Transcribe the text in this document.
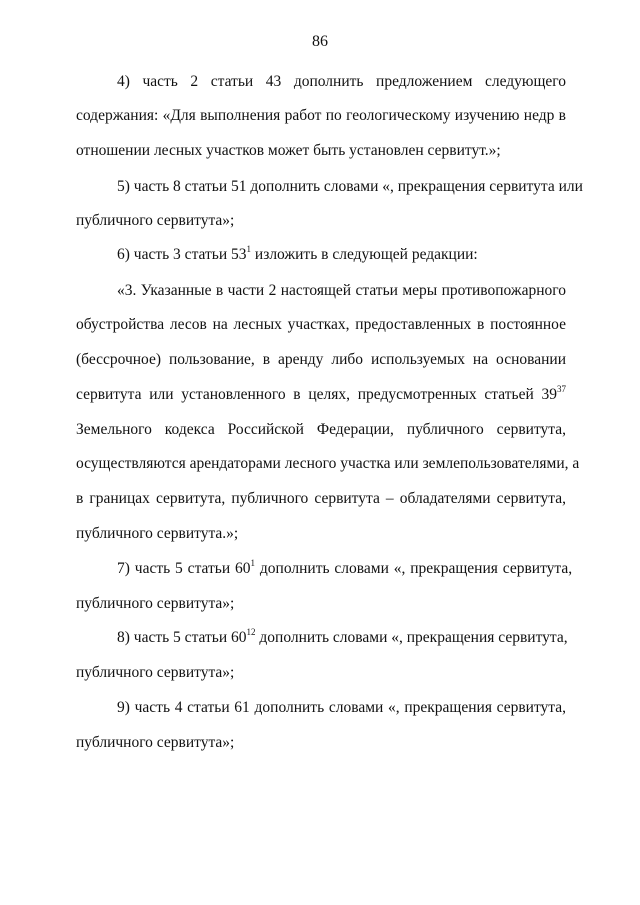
86
4) часть 2 статьи 43 дополнить предложением следующего
содержания: «Для выполнения работ по геологическому изучению недр в
отношении лесных участков может быть установлен сервитут.»;
5) часть 8 статьи 51 дополнить словами «, прекращения сервитута или
публичного сервитута»;
6) часть 3 статьи $53^1$ изложить в следующей редакции:
«3. Указанные в части 2 настоящей статьи меры противопожарного
обустройства лесов на лесных участках, предоставленных в постоянное
(бессрочное) пользование, в аренду либо используемых на основании
сервитута или установленного в целях, предусмотренных статьей $39^{37}$
Земельного кодекса Российской Федерации, публичного сервитута,
осуществляются арендаторами лесного участка или землепользователями, а
в границах сервитута, публичного сервитута – обладателями сервитута,
публичного сервитута.»;
7) часть 5 статьи $60^1$ дополнить словами «, прекращения сервитута,
публичного сервитута»;
8) часть 5 статьи $60^{12}$ дополнить словами «, прекращения сервитута,
публичного сервитута»;
9) часть 4 статьи 61 дополнить словами «, прекращения сервитута,
публичного сервитута»;
